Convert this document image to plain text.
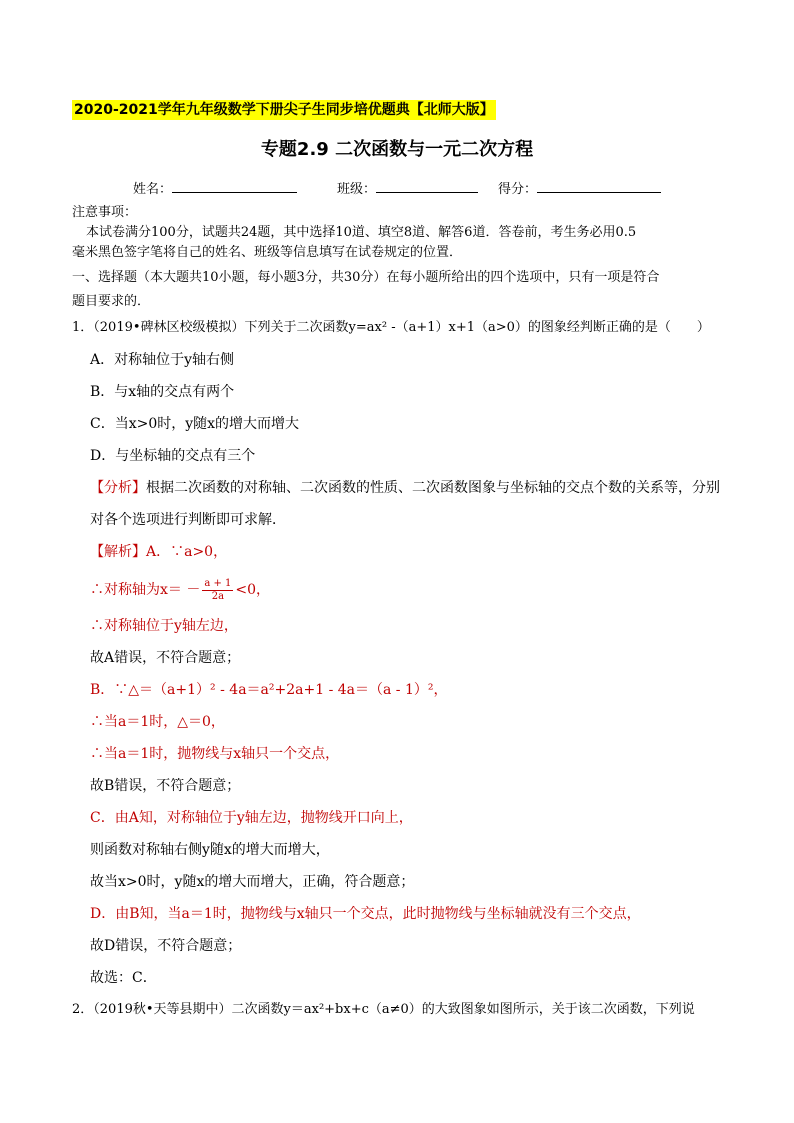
2020-2021学年九年级数学下册尖子生同步培优题典【北师大版】
专题2.9 二次函数与一元二次方程
姓名：	班级：	得分：
注意事项：
本试卷满分100分，试题共24题，其中选择10道、填空8道、解答6道．答卷前，考生务必用0.5
毫米黑色签字笔将自己的姓名、班级等信息填写在试卷规定的位置．
一、选择题（本大题共10小题，每小题3分，共30分）在每小题所给出的四个选项中，只有一项是符合
题目要求的．
1．（2019•碑林区校级模拟）下列关于二次函数y=ax² -（a+1）x+1（a>0）的图象经判断正确的是（　　）
A．对称轴位于y轴右侧
B．与x轴的交点有两个
C．当x>0时，y随x的增大而增大
D．与坐标轴的交点有三个
【分析】根据二次函数的对称轴、二次函数的性质、二次函数图象与坐标轴的交点个数的关系等，分别
对各个选项进行判断即可求解．
【解析】A．∵a>0，
∴对称轴为$x= - \frac{a + 1}{2a} <0$，
∴对称轴位于y轴左边，
故A错误，不符合题意；
B．∵△＝（a+1）² - 4a＝a²+2a+1 - 4a＝（a - 1）²，
∴当a＝1时，△＝0，
∴当a＝1时，抛物线与x轴只一个交点，
故B错误，不符合题意；
C．由A知，对称轴位于y轴左边，抛物线开口向上，
则函数对称轴右侧y随x的增大而增大，
故当x>0时，y随x的增大而增大，正确，符合题意；
D．由B知，当a＝1时，抛物线与x轴只一个交点，此时抛物线与坐标轴就没有三个交点，
故D错误，不符合题意；
故选：C．
2．（2019秋•天等县期中）二次函数y＝ax²+bx+c（a≠0）的大致图象如图所示，关于该二次函数，下列说
